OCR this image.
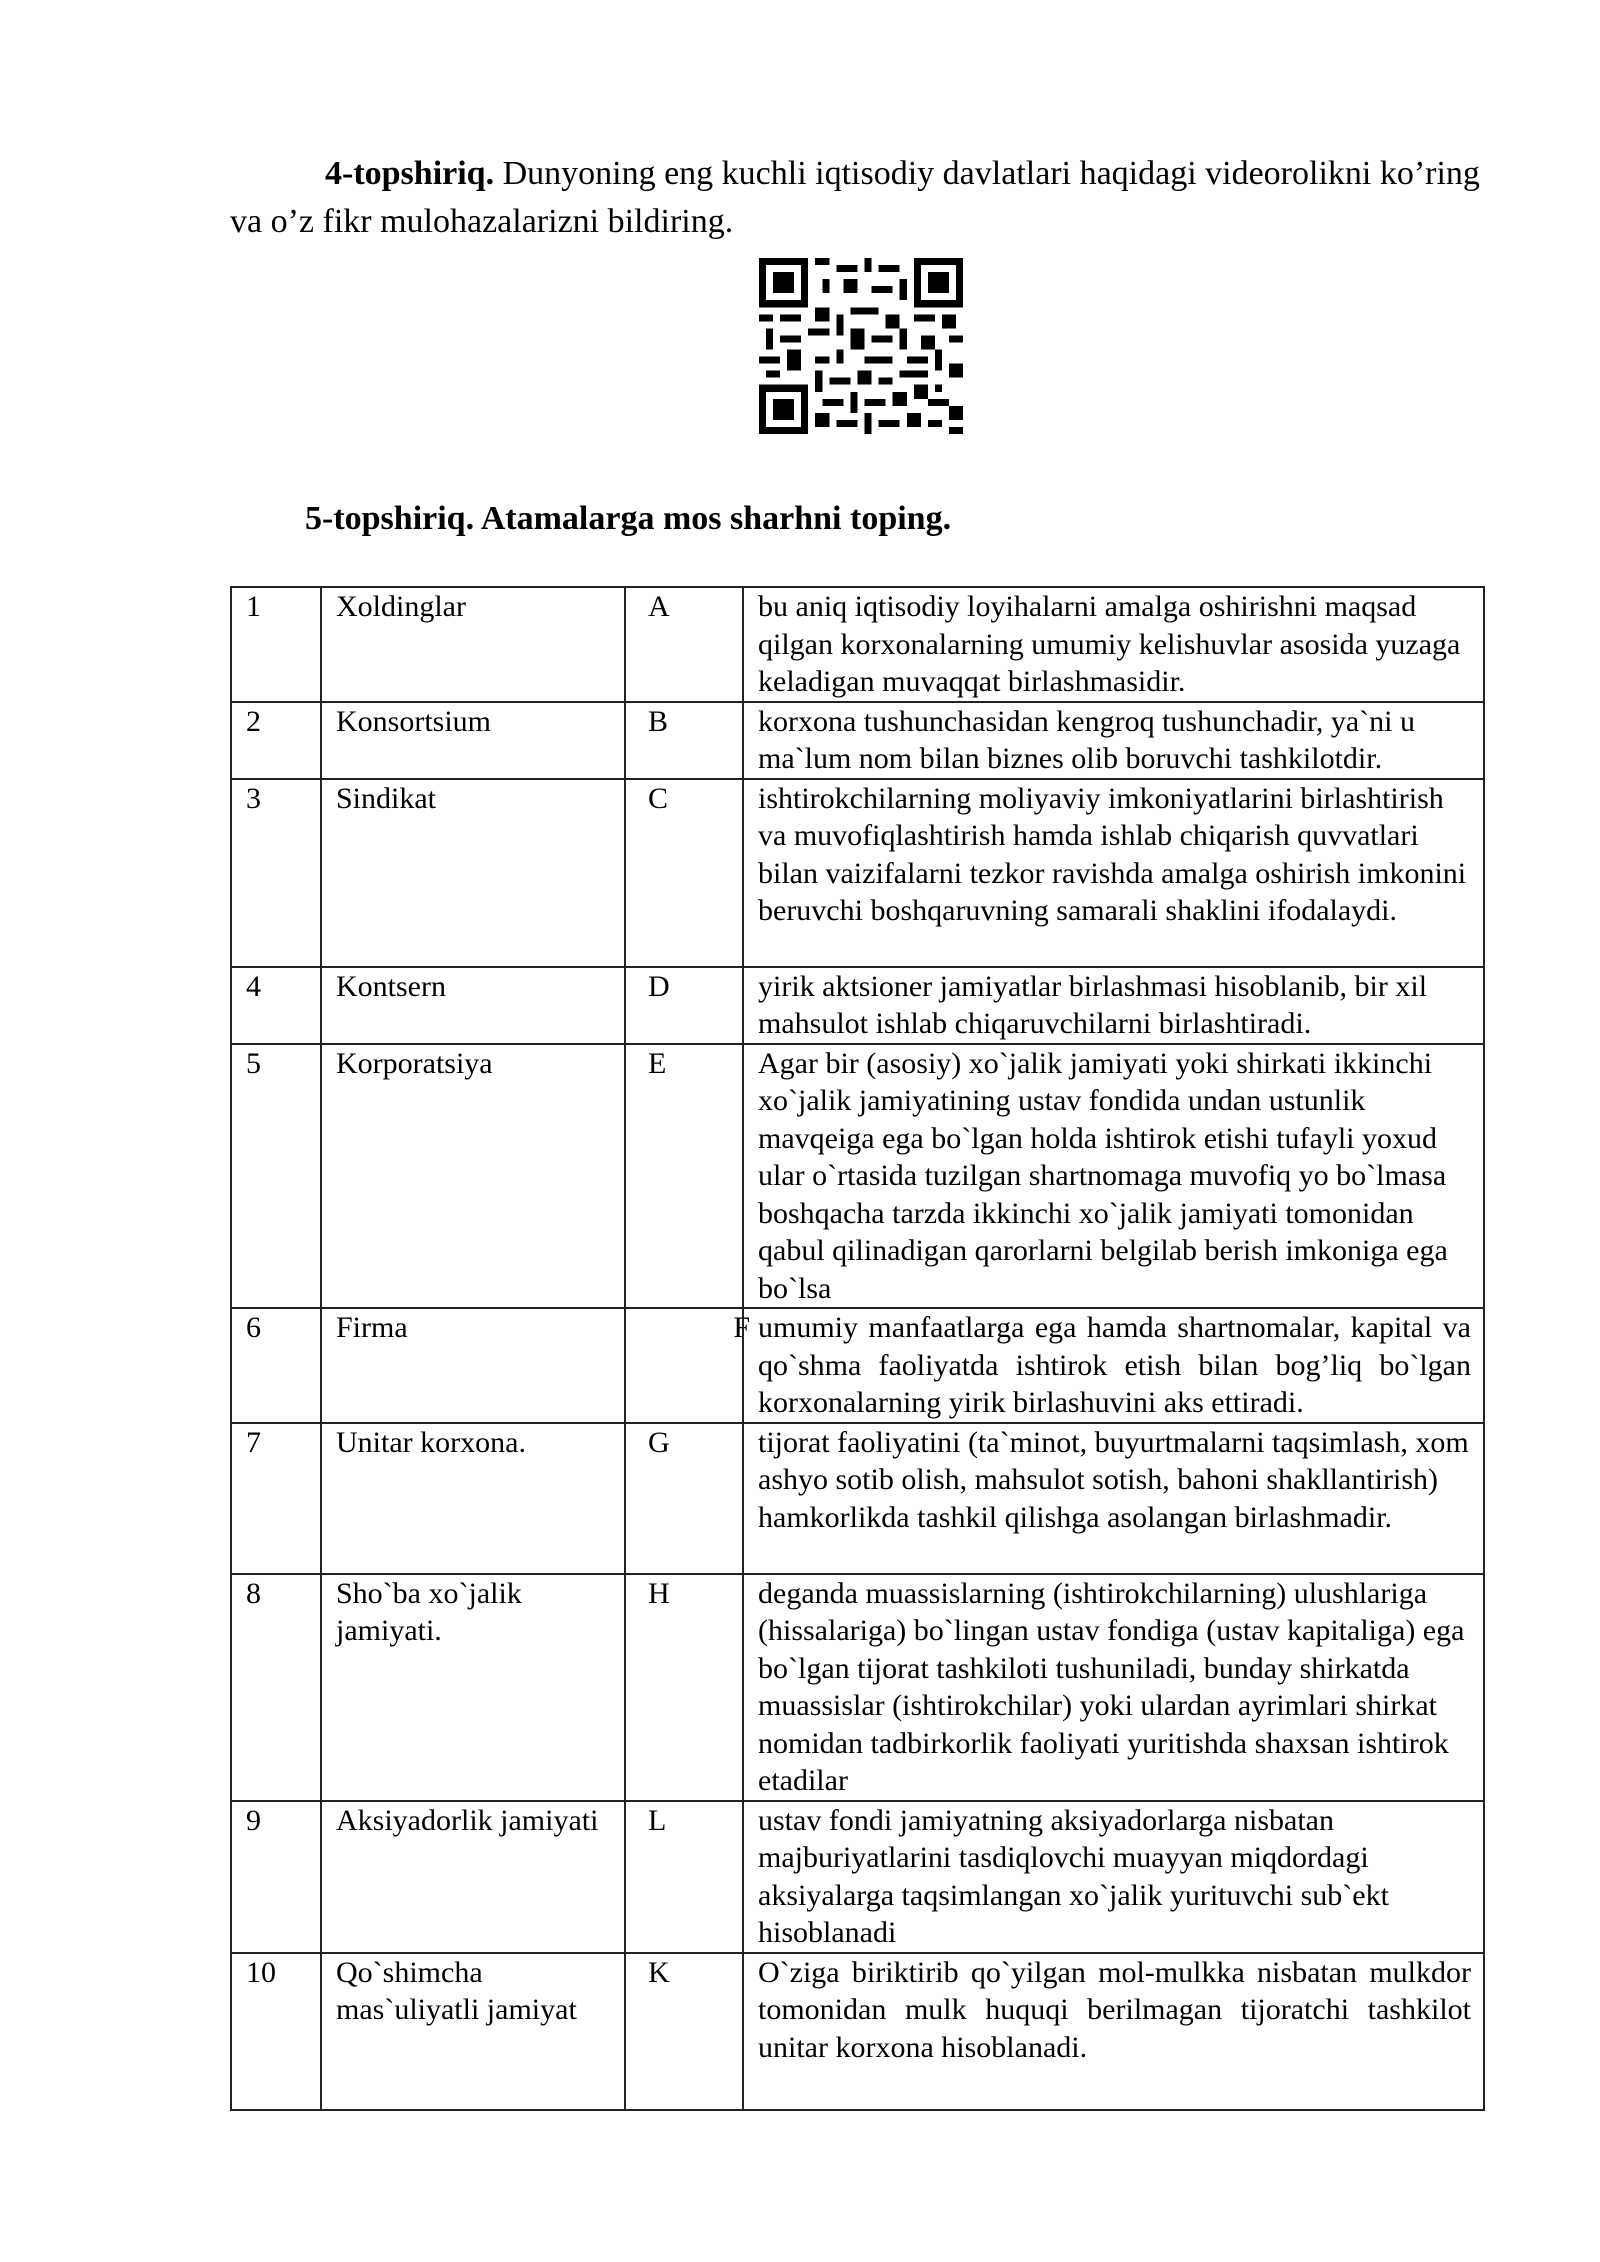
4-topshiriq. Dunyoning eng kuchli iqtisodiy davlatlari haqidagi videorolikni ko’ring va o’z fikr mulohazalarizni bildiring.
5-topshiriq. Atamalarga mos sharhni toping.
1	Xoldinglar	A	bu aniq iqtisodiy loyihalarni amalga oshirishni maqsad qilgan korxonalarning umumiy kelishuvlar asosida yuzaga keladigan muvaqqat birlashmasidir.
2	Konsortsium	B	korxona tushunchasidan kengroq tushunchadir, ya`ni u ma`lum nom bilan biznes olib boruvchi tashkilotdir.
3	Sindikat	C	ishtirokchilarning moliyaviy imkoniyatlarini birlashtirish va muvofiqlashtirish hamda ishlab chiqarish quvvatlari bilan vaizifalarni tezkor ravishda amalga oshirish imkonini beruvchi boshqaruvning samarali shaklini ifodalaydi.
4	Kontsern	D	yirik aktsioner jamiyatlar birlashmasi hisoblanib, bir xil mahsulot ishlab chiqaruvchilarni birlashtiradi.
5	Korporatsiya	E	Agar bir (asosiy) xo`jalik jamiyati yoki shirkati ikkinchi xo`jalik jamiyatining ustav fondida undan ustunlik mavqeiga ega bo`lgan holda ishtirok etishi tufayli yoxud ular o`rtasida tuzilgan shartnomaga muvofiq yo bo`lmasa boshqacha tarzda ikkinchi xo`jalik jamiyati tomonidan qabul qilinadigan qarorlarni belgilab berish imkoniga ega bo`lsa
6	Firma	F	umumiy manfaatlarga ega hamda shartnomalar, kapital va qo`shma faoliyatda ishtirok etish bilan bog’liq bo`lgan korxonalarning yirik birlashuvini aks ettiradi.
7	Unitar korxona.	G	tijorat faoliyatini (ta`minot, buyurtmalarni taqsimlash, xom ashyo sotib olish, mahsulot sotish, bahoni shakllantirish) hamkorlikda tashkil qilishga asolangan birlashmadir.
8	Sho`ba xo`jalik jamiyati.	H	deganda muassislarning (ishtirokchilarning) ulushlariga (hissalariga) bo`lingan ustav fondiga (ustav kapitaliga) ega bo`lgan tijorat tashkiloti tushuniladi, bunday shirkatda muassislar (ishtirokchilar) yoki ulardan ayrimlari shirkat nomidan tadbirkorlik faoliyati yuritishda shaxsan ishtirok etadilar
9	Aksiyadorlik jamiyati	L	ustav fondi jamiyatning aksiyadorlarga nisbatan majburiyatlarini tasdiqlovchi muayyan miqdordagi aksiyalarga taqsimlangan xo`jalik yurituvchi sub`ekt hisoblanadi
10	Qo`shimcha mas`uliyatli jamiyat	K	O`ziga biriktirib qo`yilgan mol-mulkka nisbatan mulkdor tomonidan mulk huquqi berilmagan tijoratchi tashkilot unitar korxona hisoblanadi.
